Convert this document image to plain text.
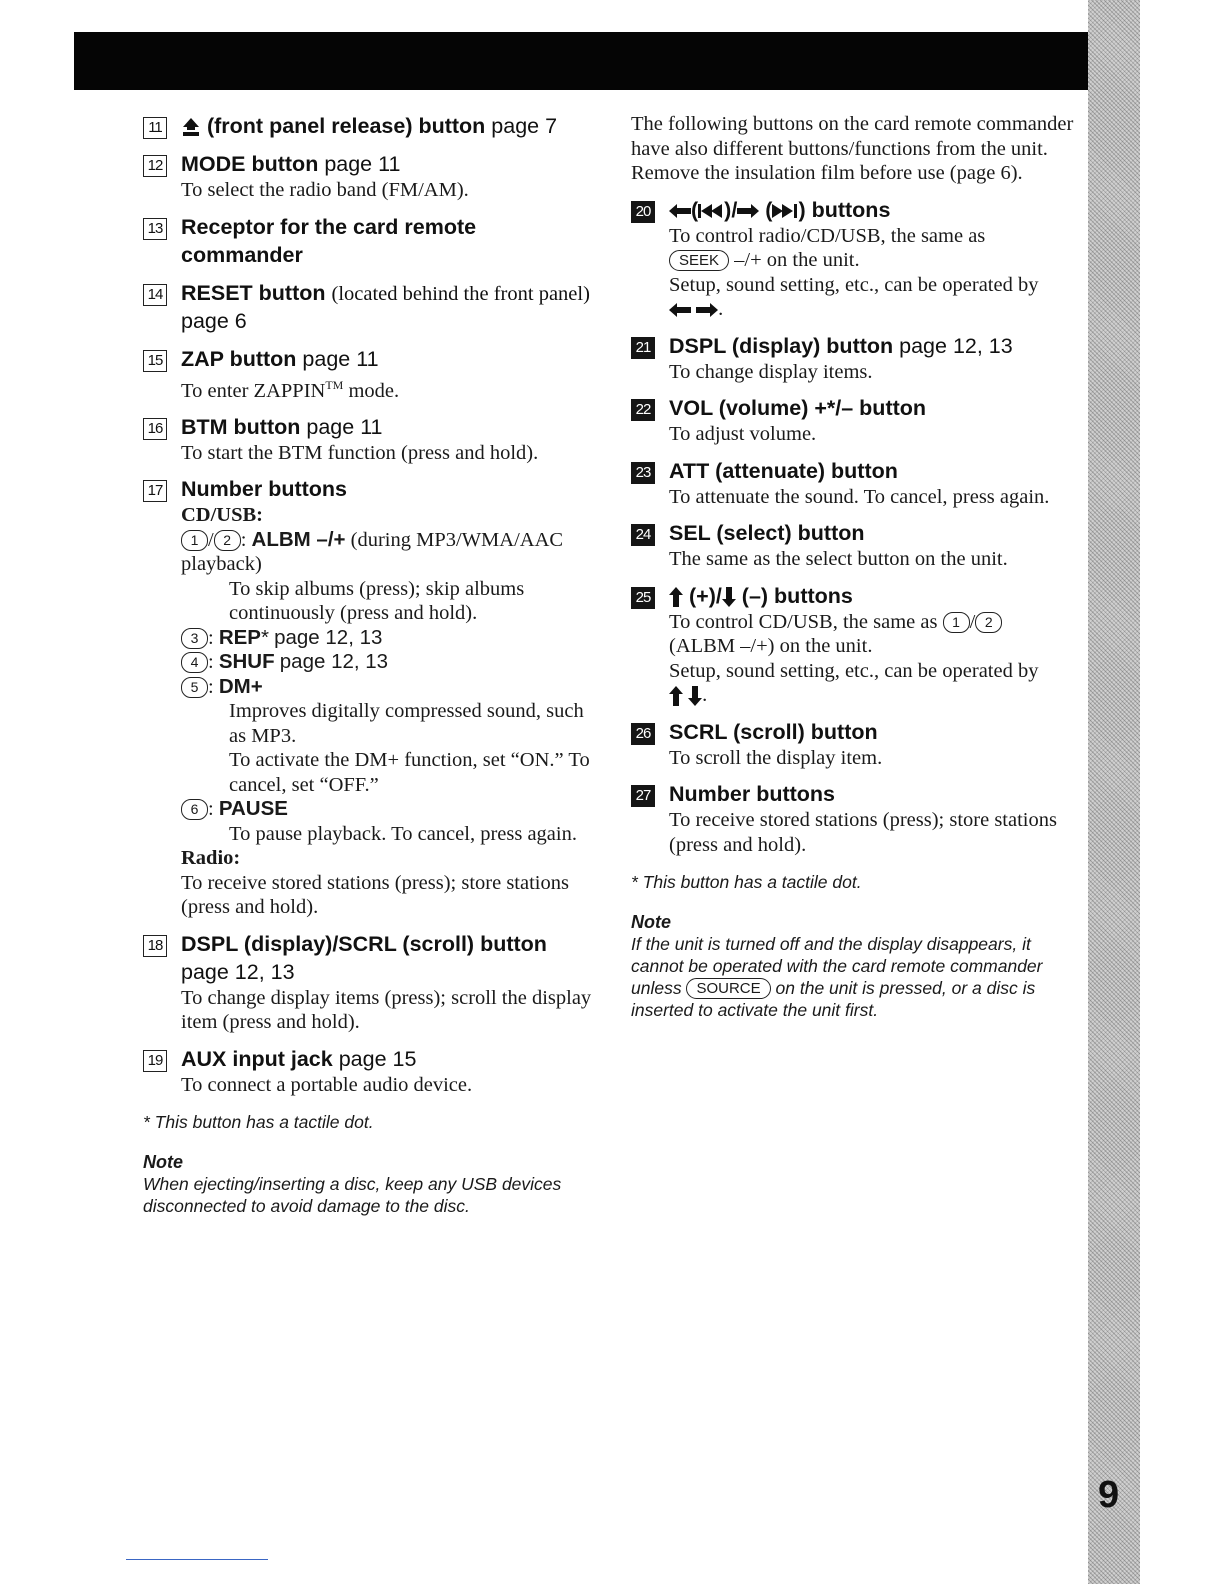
9
11	(front panel release) button page 7
12 MODE button page 11
To select the radio band (FM/AM).
13 Receptor for the card remote commander
14 RESET button (located behind the front panel) page 6
15 ZAP button page 11
To enter ZAPPIN™ mode.
16 BTM button page 11
To start the BTM function (press and hold).
17 Number buttons
CD/USB:
1 / 2 : ALBM –/+ (during MP3/WMA/AAC playback)
To skip albums (press); skip albums continuously (press and hold).
3 : REP* page 12, 13
4 : SHUF page 12, 13
5 : DM+
Improves digitally compressed sound, such as MP3.
To activate the DM+ function, set “ON.” To cancel, set “OFF.”
6 : PAUSE
To pause playback. To cancel, press again.
Radio:
To receive stored stations (press); store stations (press and hold).
18 DSPL (display)/SCRL (scroll) button
page 12, 13
To change display items (press); scroll the display item (press and hold).
19 AUX input jack page 15
To connect a portable audio device.
* This button has a tactile dot.
Note
When ejecting/inserting a disc, keep any USB devices disconnected to avoid damage to the disc.
The following buttons on the card remote commander have also different buttons/functions from the unit. Remove the insulation film before use (page 6).
20	( )/ ( ) buttons
To control radio/CD/USB, the same as
SEEK –/+ on the unit.
Setup, sound setting, etc., can be operated by
.
21 DSPL (display) button page 12, 13
To change display items.
22 VOL (volume) +*/– button
To adjust volume.
23 ATT (attenuate) button
To attenuate the sound. To cancel, press again.
24 SEL (select) button
The same as the select button on the unit.
25	(+)/ (–) buttons
To control CD/USB, the same as 1 / 2
(ALBM –/+) on the unit.
Setup, sound setting, etc., can be operated by
.
26 SCRL (scroll) button
To scroll the display item.
27 Number buttons
To receive stored stations (press); store stations (press and hold).
* This button has a tactile dot.
Note
If the unit is turned off and the display disappears, it cannot be operated with the card remote commander unless SOURCE on the unit is pressed, or a disc is inserted to activate the unit first.
